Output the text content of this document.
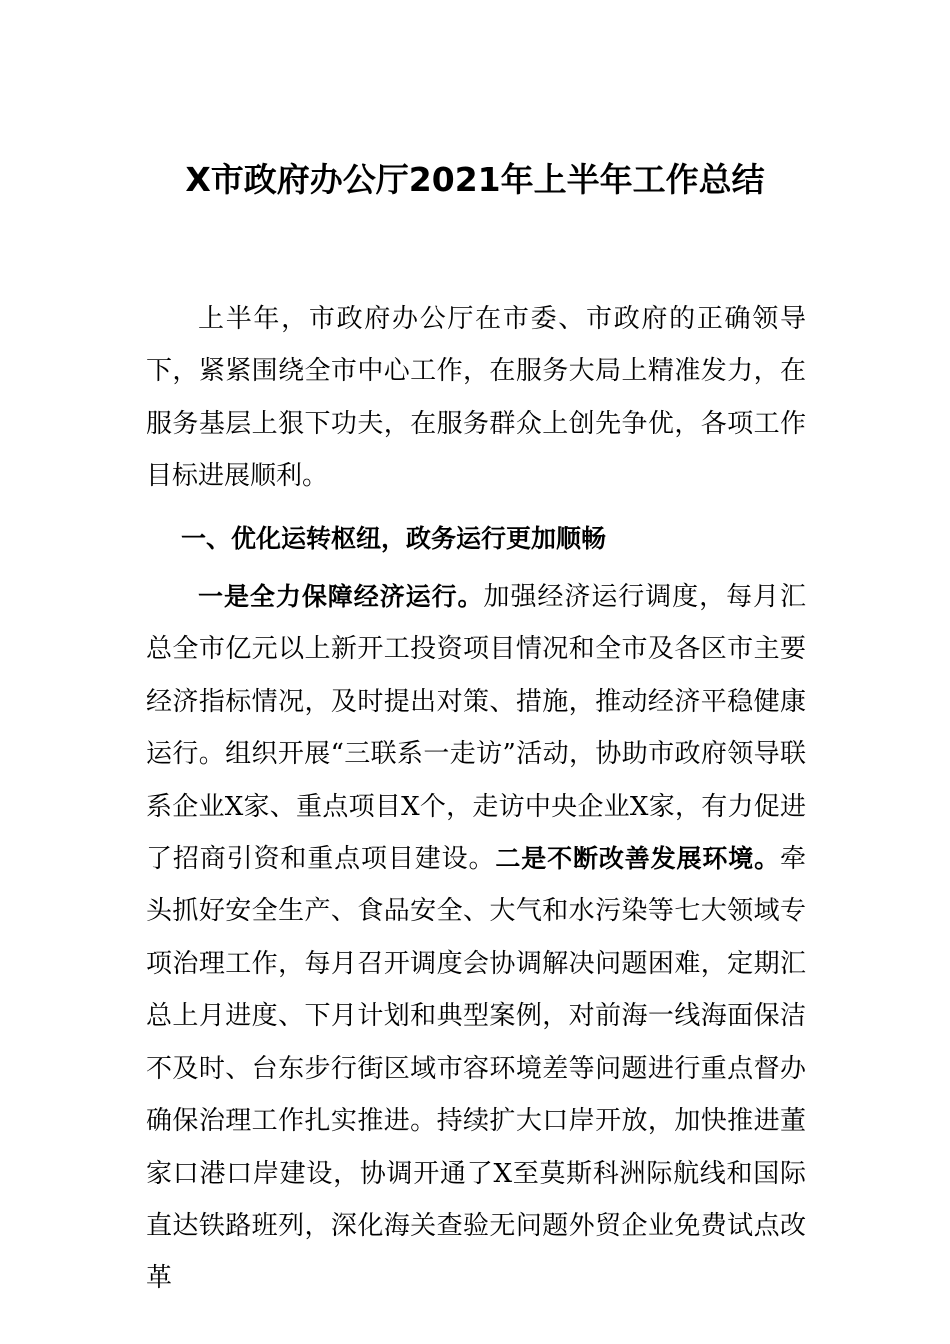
X市政府办公厅2021年上半年工作总结

上半年，市政府办公厅在市委、市政府的正确领导下，紧紧围绕全市中心工作，在服务大局上精准发力，在服务基层上狠下功夫，在服务群众上创先争优，各项工作目标进展顺利。

一、优化运转枢纽，政务运行更加顺畅

一是全力保障经济运行。加强经济运行调度，每月汇总全市亿元以上新开工投资项目情况和全市及各区市主要经济指标情况，及时提出对策、措施，推动经济平稳健康运行。组织开展“三联系一走访”活动，协助市政府领导联系企业X家、重点项目X个，走访中央企业X家，有力促进了招商引资和重点项目建设。二是不断改善发展环境。牵头抓好安全生产、食品安全、大气和水污染等七大领域专项治理工作，每月召开调度会协调解决问题困难，定期汇总上月进度、下月计划和典型案例，对前海一线海面保洁不及时、台东步行街区域市容环境差等问题进行重点督办确保治理工作扎实推进。持续扩大口岸开放，加快推进董家口港口岸建设，协调开通了X至莫斯科洲际航线和国际直达铁路班列，深化海关查验无问题外贸企业免费试点改革
